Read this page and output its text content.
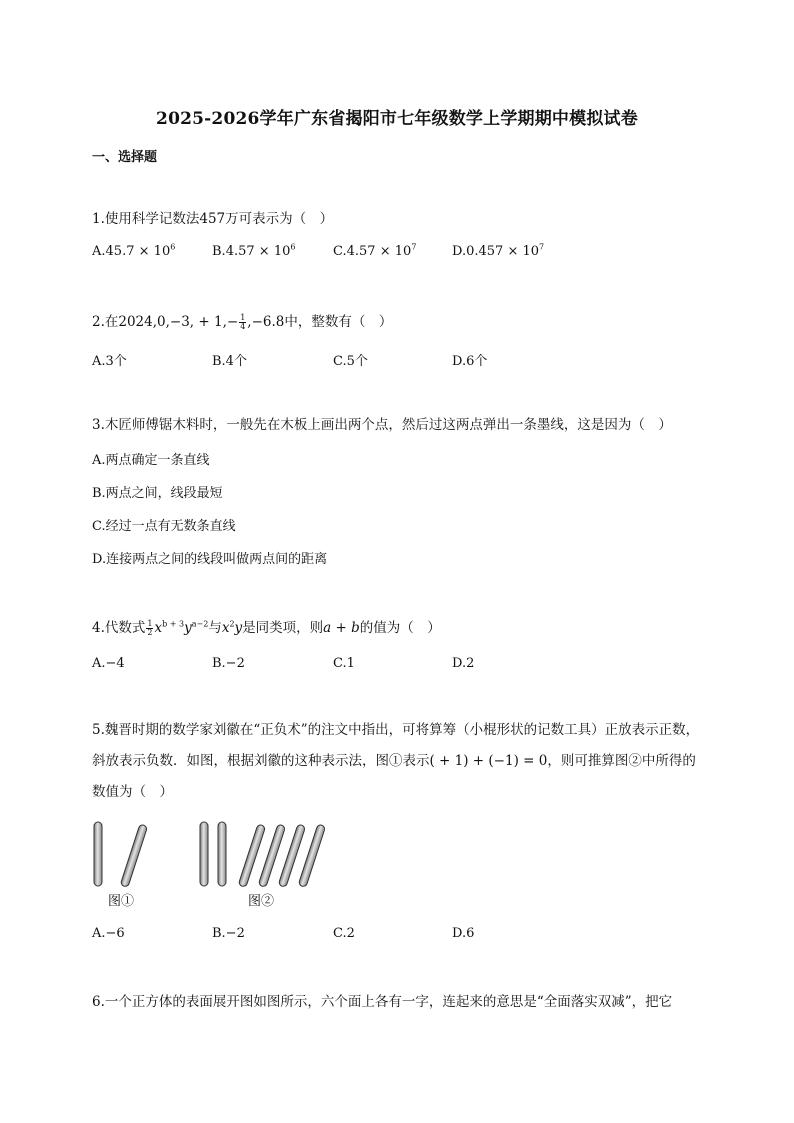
2025-2026学年广东省揭阳市七年级数学上学期期中模拟试卷
一、选择题
1.使用科学记数法457万可表示为（　）
$A.45.7 \times 10^6$	$B.4.57 \times 10^6$	$C.4.57 \times 10^7$	$D.0.457 \times 10^7$
2.在2024,0,−3, + $1,- \frac{1}{4} ,-6.8$中，整数有（　）
A.3个	B.4个	C.5个	D.6个
3.木匠师傅锯木料时，一般先在木板上画出两个点，然后过这两点弹出一条墨线，这是因为（　）
A.两点确定一条直线
B.两点之间，线段最短
C.经过一点有无数条直线
D.连接两点之间的线段叫做两点间的距离
4.代数式 $\frac{1}{2} x^{b + 3}y^{a-2}$与$x^2y$是同类项，则a + b的值为（　）
A.−4	B.−2	C.1	D.2
5.魏晋时期的数学家刘徽在“正负术”的注文中指出，可将算筹（小棍形状的记数工具）正放表示正数，斜放表示负数．如图，根据刘徽的这种表示法，图①表示( + 1) + (−1) = 0，则可推算图②中所得的数值为（　）
图①	图②
A.−6	B.−2	C.2	D.6
6.一个正方体的表面展开图如图所示，六个面上各有一字，连起来的意思是“全面落实双减”，把它
